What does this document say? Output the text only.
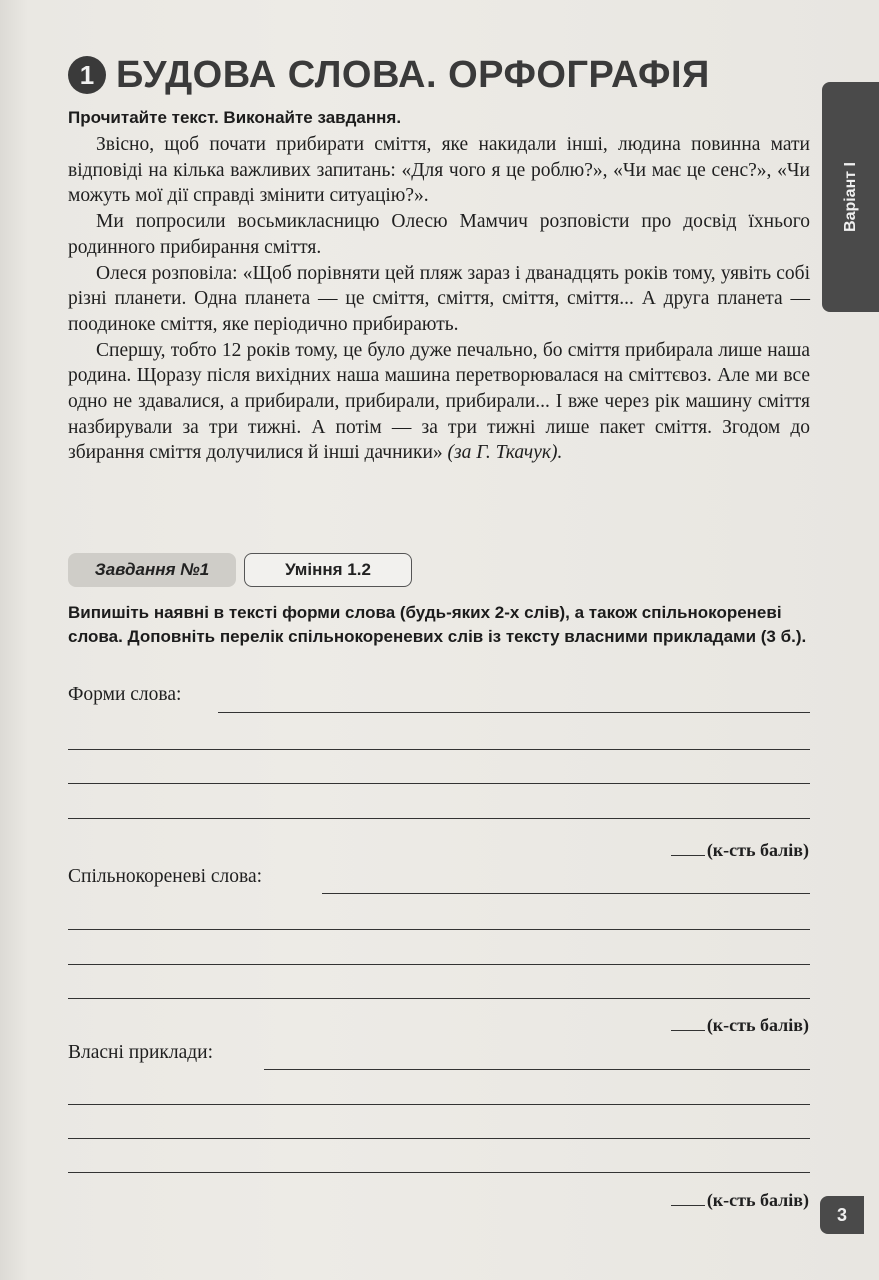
1 БУДОВА СЛОВА. ОРФОГРАФІЯ
Варіант I
Прочитайте текст. Виконайте завдання.

Звісно, щоб почати прибирати сміття, яке накидали інші, людина повинна мати відповіді на кілька важливих запитань: «Для чого я це роблю?», «Чи має це сенс?», «Чи можуть мої дії справді змінити ситуацію?».

Ми попросили восьмикласницю Олесю Мамчич розповісти про досвід їхнього родинного прибирання сміття.

Олеся розповіла: «Щоб порівняти цей пляж зараз і дванадцять років тому, уявіть собі різні планети. Одна планета — це сміття, сміття, сміття, сміття... А друга планета — поодиноке сміття, яке періодично прибирають.

Спершу, тобто 12 років тому, це було дуже печально, бо сміття прибирала лише наша родина. Щоразу після вихідних наша машина перетворювалася на сміттєвоз. Але ми все одно не здавалися, а прибирали, прибирали, прибирали... І вже через рік машину сміття назбирували за три тижні. А потім — за три тижні лише пакет сміття. Згодом до збирання сміття долучилися й інші дачники» (за Г. Ткачук).

Завдання №1	Уміння 1.2
Випишіть наявні в тексті форми слова (будь-яких 2-х слів), а також спільнокореневі слова. Доповніть перелік спільнокореневих слів із тексту власними прикладами (3 б.).
Форми слова:
(к-сть балів)
Спільнокореневі слова:
(к-сть балів)
Власні приклади:
(к-сть балів)
3
